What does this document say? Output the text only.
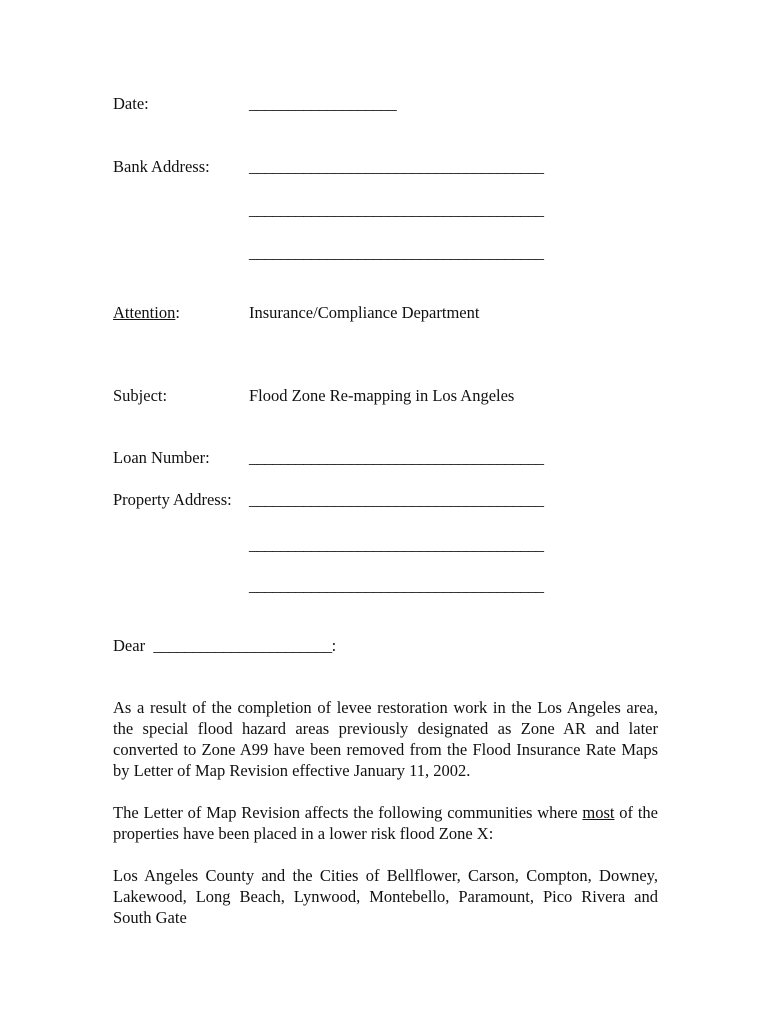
Date:	___________________
Bank Address: ______________________________________
______________________________________
______________________________________
Attention:	Insurance/Compliance Department
Subject:	Flood Zone Re-mapping in Los Angeles
Loan Number: ______________________________________
Property Address: ______________________________________
______________________________________
______________________________________
Dear _______________________:
As a result of the completion of levee restoration work in the Los Angeles area, the special flood hazard areas previously designated as Zone AR and later converted to Zone A99 have been removed from the Flood Insurance Rate Maps by Letter of Map Revision effective January 11, 2002.
The Letter of Map Revision affects the following communities where most of the properties have been placed in a lower risk flood Zone X:
Los Angeles County and the Cities of Bellflower, Carson, Compton, Downey, Lakewood, Long Beach, Lynwood, Montebello, Paramount, Pico Rivera and South Gate
